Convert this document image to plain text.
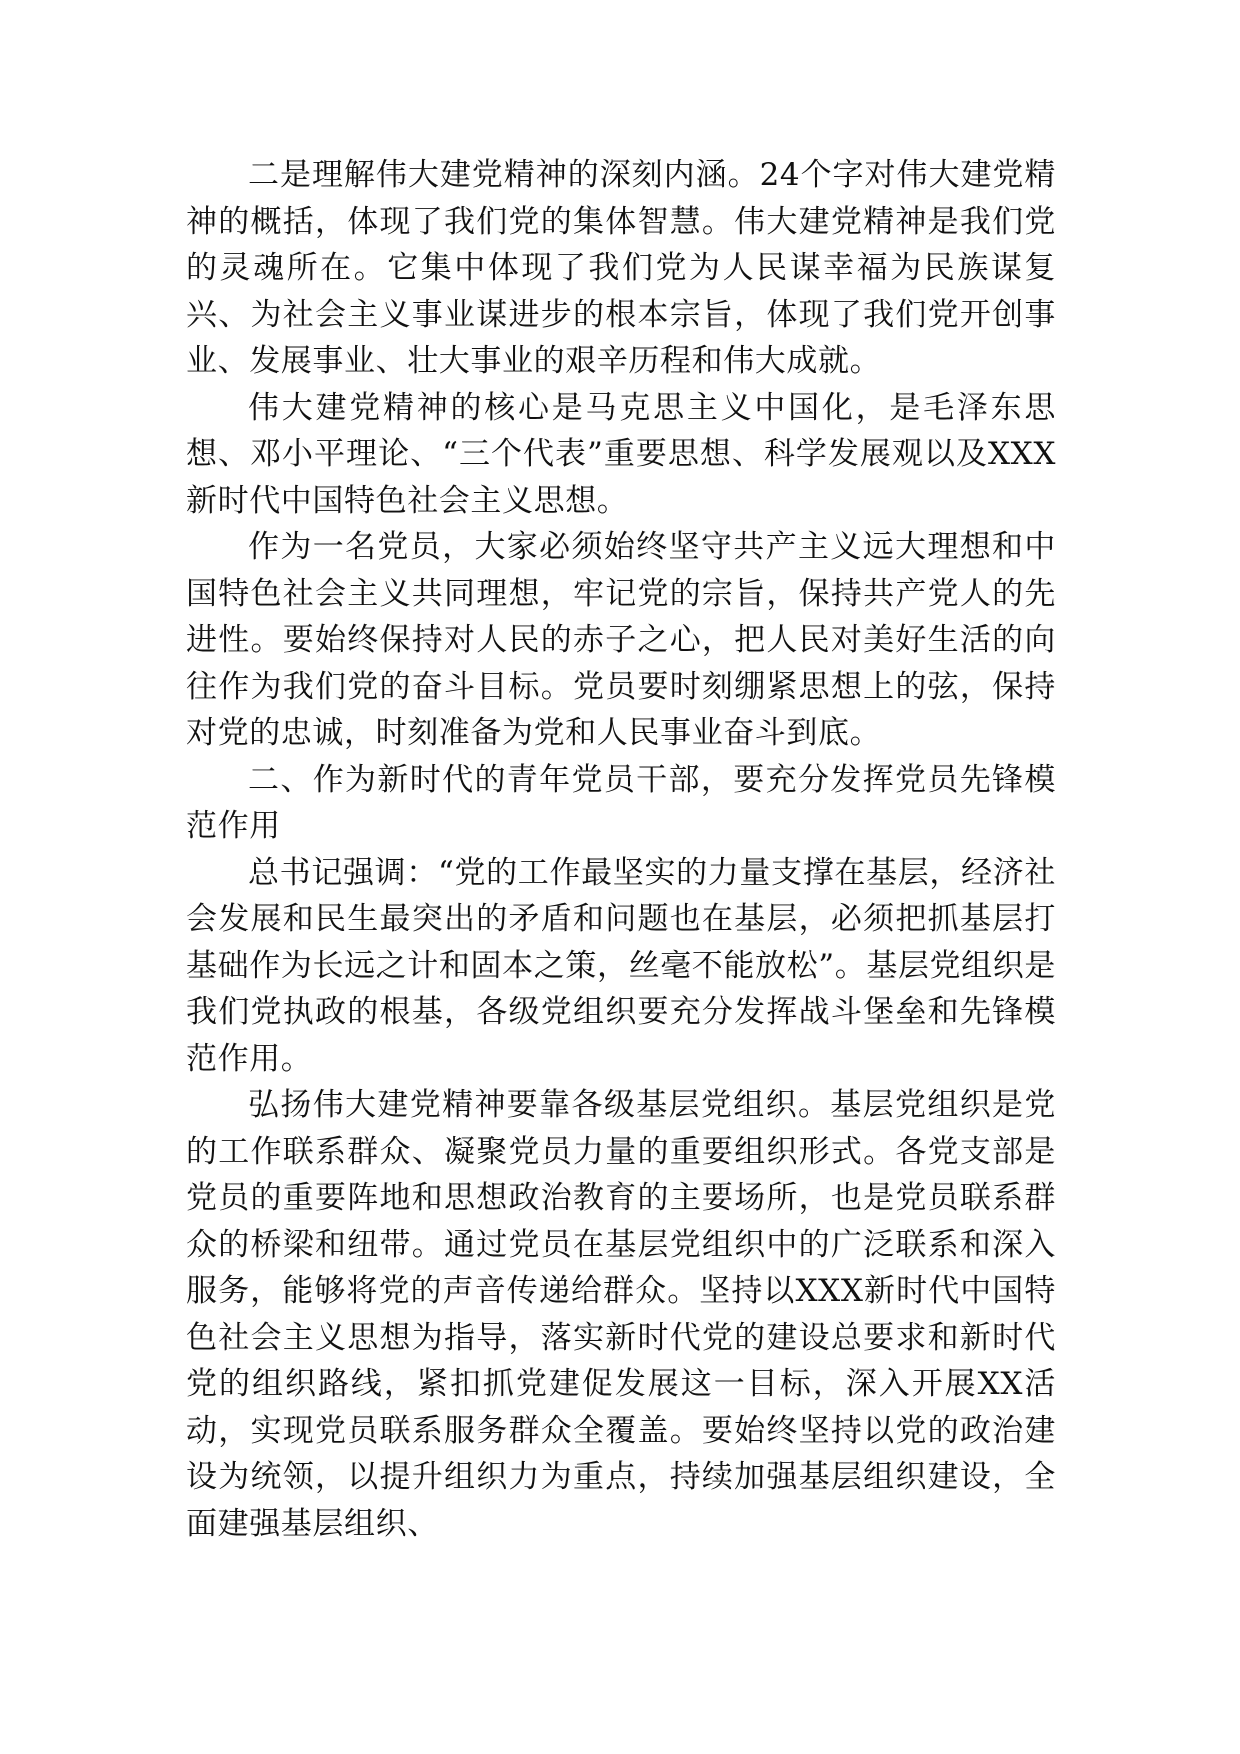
二是理解伟大建党精神的深刻内涵。24个字对伟大建党精神的概括，体现了我们党的集体智慧。伟大建党精神是我们党的灵魂所在。它集中体现了我们党为人民谋幸福为民族谋复兴、为社会主义事业谋进步的根本宗旨，体现了我们党开创事业、发展事业、壮大事业的艰辛历程和伟大成就。

伟大建党精神的核心是马克思主义中国化，是毛泽东思想、邓小平理论、“三个代表”重要思想、科学发展观以及XXX新时代中国特色社会主义思想。

作为一名党员，大家必须始终坚守共产主义远大理想和中国特色社会主义共同理想，牢记党的宗旨，保持共产党人的先进性。要始终保持对人民的赤子之心，把人民对美好生活的向往作为我们党的奋斗目标。党员要时刻绷紧思想上的弦，保持对党的忠诚，时刻准备为党和人民事业奋斗到底。

二、作为新时代的青年党员干部，要充分发挥党员先锋模范作用

总书记强调：“党的工作最坚实的力量支撑在基层，经济社会发展和民生最突出的矛盾和问题也在基层，必须把抓基层打基础作为长远之计和固本之策，丝毫不能放松”。基层党组织是我们党执政的根基，各级党组织要充分发挥战斗堡垒和先锋模范作用。

弘扬伟大建党精神要靠各级基层党组织。基层党组织是党的工作联系群众、凝聚党员力量的重要组织形式。各党支部是党员的重要阵地和思想政治教育的主要场所，也是党员联系群众的桥梁和纽带。通过党员在基层党组织中的广泛联系和深入服务，能够将党的声音传递给群众。坚持以XXX新时代中国特色社会主义思想为指导，落实新时代党的建设总要求和新时代党的组织路线，紧扣抓党建促发展这一目标，深入开展XX活动，实现党员联系服务群众全覆盖。要始终坚持以党的政治建设为统领，以提升组织力为重点，持续加强基层组织建设，全面建强基层组织、
